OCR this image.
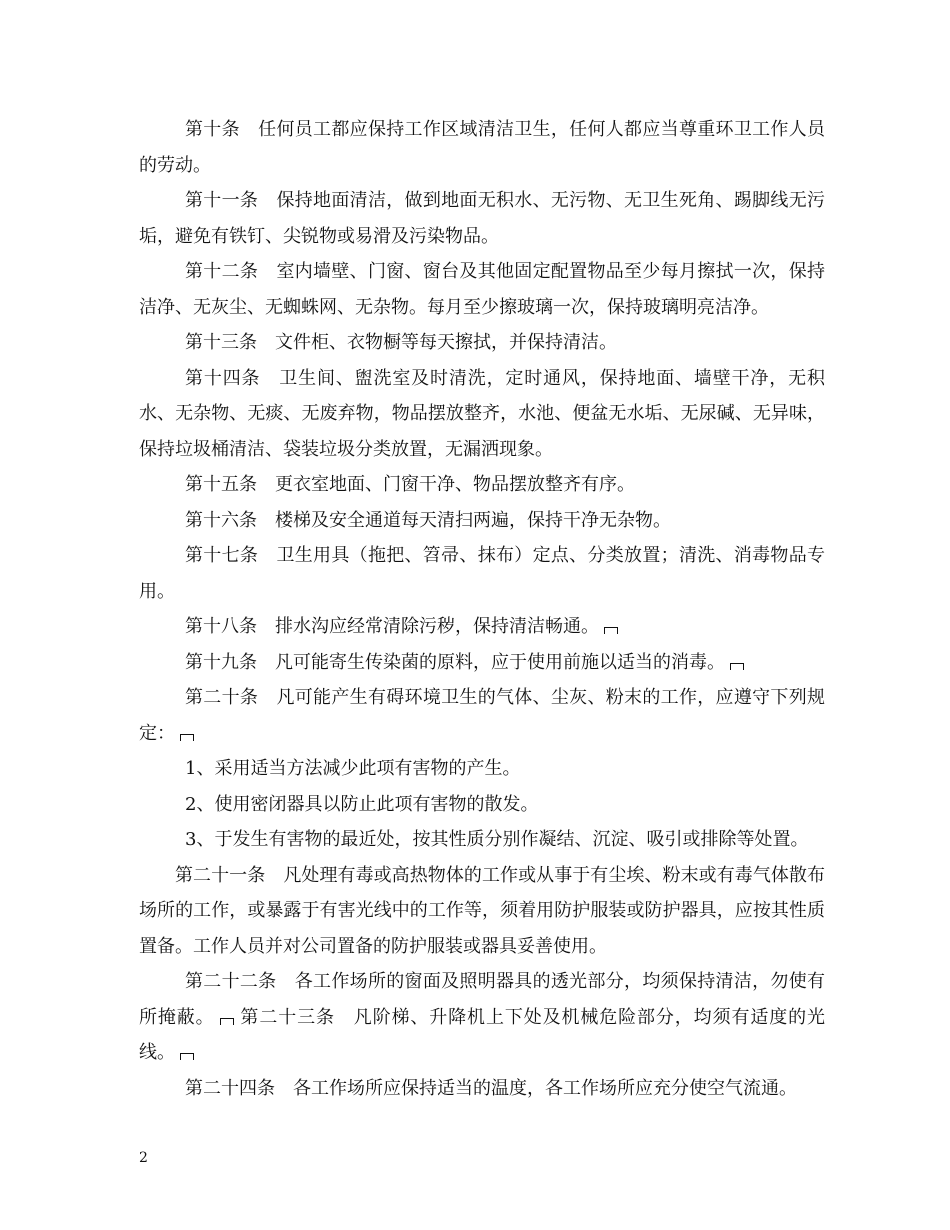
第十条　任何员工都应保持工作区域清洁卫生，任何人都应当尊重环卫工作人员的劳动。

第十一条　保持地面清洁，做到地面无积水、无污物、无卫生死角、踢脚线无污垢，避免有铁钉、尖锐物或易滑及污染物品。

第十二条　室内墙壁、门窗、窗台及其他固定配置物品至少每月擦拭一次，保持洁净、无灰尘、无蜘蛛网、无杂物。每月至少擦玻璃一次，保持玻璃明亮洁净。

第十三条　文件柜、衣物橱等每天擦拭，并保持清洁。

第十四条　卫生间、盥洗室及时清洗，定时通风，保持地面、墙壁干净，无积水、无杂物、无痰、无废弃物，物品摆放整齐，水池、便盆无水垢、无尿碱、无异味，保持垃圾桶清洁、袋装垃圾分类放置，无漏洒现象。

第十五条　更衣室地面、门窗干净、物品摆放整齐有序。

第十六条　楼梯及安全通道每天清扫两遍，保持干净无杂物。

第十七条　卫生用具（拖把、笤帚、抹布）定点、分类放置；清洗、消毒物品专用。

第十八条　排水沟应经常清除污秽，保持清洁畅通。

第十九条　凡可能寄生传染菌的原料，应于使用前施以适当的消毒。

第二十条　凡可能产生有碍环境卫生的气体、尘灰、粉末的工作，应遵守下列规定：

1、采用适当方法减少此项有害物的产生。

2、使用密闭器具以防止此项有害物的散发。

3、于发生有害物的最近处，按其性质分别作凝结、沉淀、吸引或排除等处置。

第二十一条　凡处理有毒或高热物体的工作或从事于有尘埃、粉末或有毒气体散布场所的工作，或暴露于有害光线中的工作等，须着用防护服装或防护器具，应按其性质置备。工作人员并对公司置备的防护服装或器具妥善使用。

第二十二条　各工作场所的窗面及照明器具的透光部分，均须保持清洁，勿使有所掩蔽。 第二十三条　凡阶梯、升降机上下处及机械危险部分，均须有适度的光线。

第二十四条　各工作场所应保持适当的温度，各工作场所应充分使空气流通。

2
